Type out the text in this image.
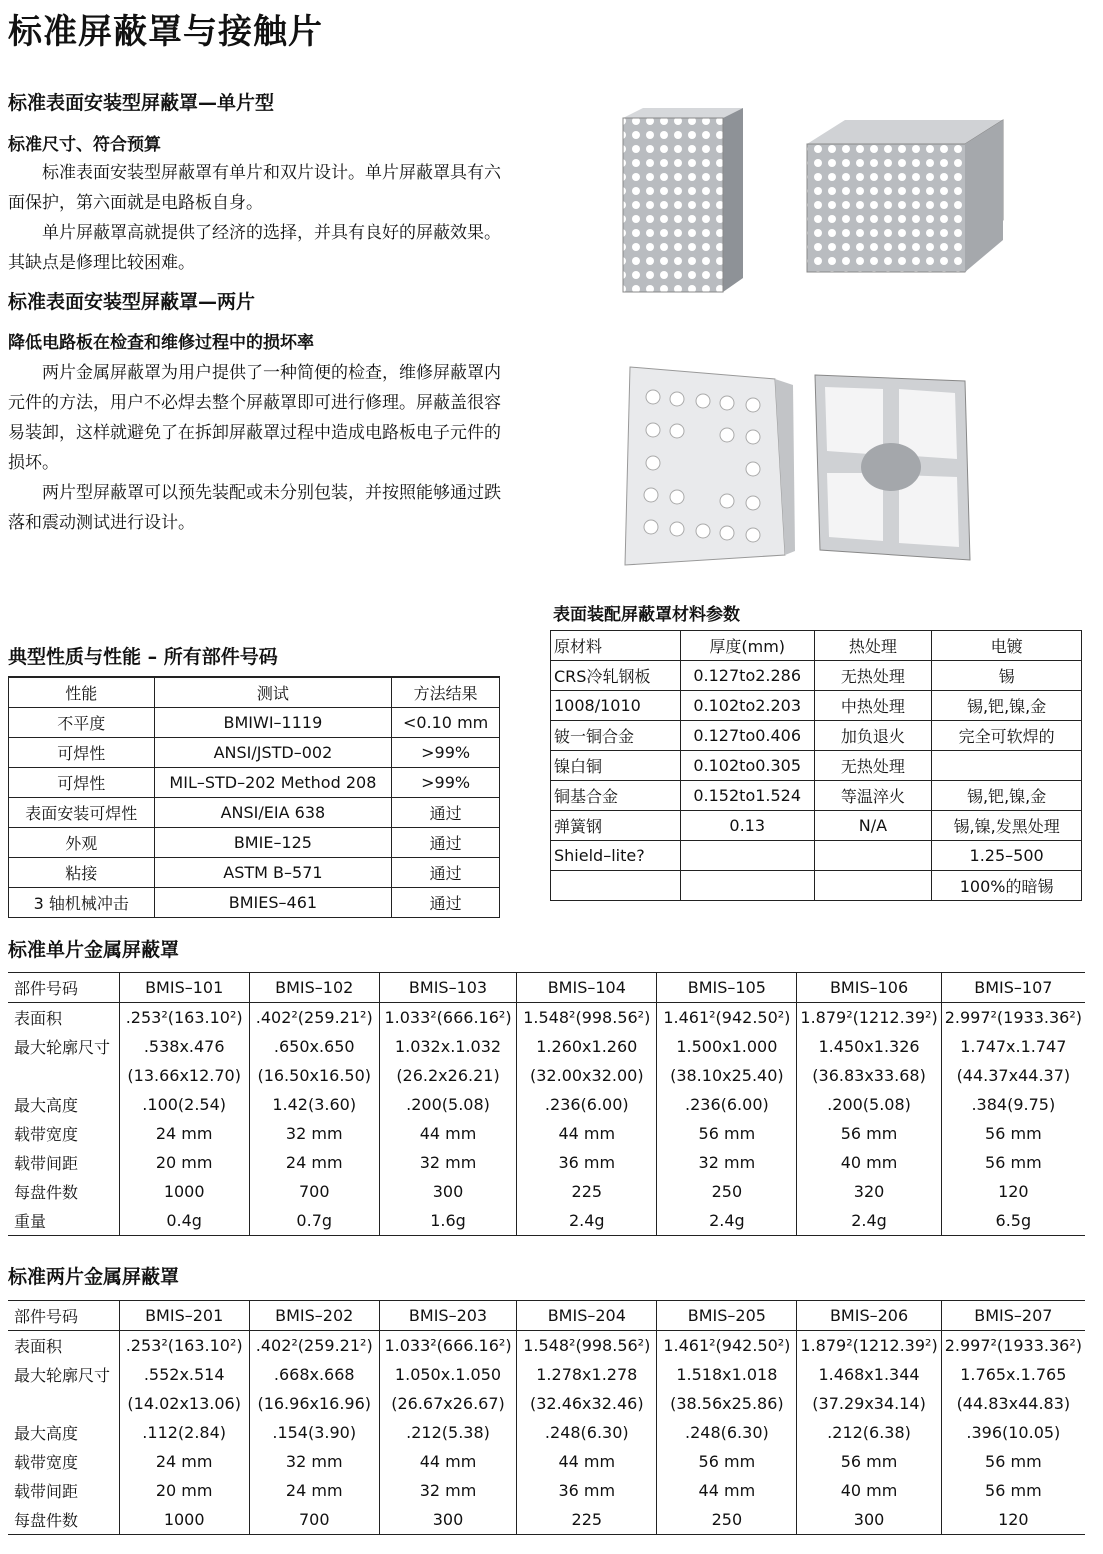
标准屏蔽罩与接触片
标准表面安装型屏蔽罩—单片型
标准尺寸、符合预算

标准表面安装型屏蔽罩有单片和双片设计。单片屏蔽罩具有六面保护，第六面就是电路板自身。

单片屏蔽罩高就提供了经济的选择，并具有良好的屏蔽效果。其缺点是修理比较困难。

标准表面安装型屏蔽罩—两片
降低电路板在检查和维修过程中的损坏率

两片金属屏蔽罩为用户提供了一种简便的检查，维修屏蔽罩内元件的方法，用户不必焊去整个屏蔽罩即可进行修理。屏蔽盖很容易装卸，这样就避免了在拆卸屏蔽罩过程中造成电路板电子元件的损坏。

两片型屏蔽罩可以预先装配或未分别包装，并按照能够通过跌落和震动测试进行设计。

典型性质与性能 – 所有部件号码
性能	测试	方法结果
不平度	BMIWI–1119	<0.10 mm
可焊性	ANSI/JSTD–002	>99%
可焊性	MIL–STD–202 Method 208	>99%
表面安装可焊性	ANSI/EIA 638	通过
外观	BMIE–125	通过
粘接	ASTM B–571	通过
3 轴机械冲击	BMIES–461	通过
表面装配屏蔽罩材料参数
原材料	厚度(mm)	热处理	电镀
CRS冷轧钢板	0.127to2.286	无热处理	锡
1008/1010	0.102to2.203	中热处理	锡,钯,镍,金
铍一铜合金	0.127to0.406	加负退火	完全可软焊的
镍白铜	0.102to0.305	无热处理	
铜基合金	0.152to1.524	等温淬火	锡,钯,镍,金
弹簧钢	0.13	N/A	锡,镍,发黑处理
Shield–lite?			1.25–500
			100%的暗锡
标准单片金属屏蔽罩
部件号码	BMIS–101	BMIS–102	BMIS–103	BMIS–104	BMIS–105	BMIS–106	BMIS–107
表面积	.253²(163.10²)	.402²(259.21²)	1.033²(666.16²)	1.548²(998.56²)	1.461²(942.50²)	1.879²(1212.39²)	2.997²(1933.36²)
最大轮廓尺寸	.538x.476	.650x.650	1.032x.1.032	1.260x1.260	1.500x1.000	1.450x1.326	1.747x.1.747
	(13.66x12.70)	(16.50x16.50)	(26.2x26.21)	(32.00x32.00)	(38.10x25.40)	(36.83x33.68)	(44.37x44.37)
最大高度	.100(2.54)	1.42(3.60)	.200(5.08)	.236(6.00)	.236(6.00)	.200(5.08)	.384(9.75)
载带宽度	24 mm	32 mm	44 mm	44 mm	56 mm	56 mm	56 mm
载带间距	20 mm	24 mm	32 mm	36 mm	32 mm	40 mm	56 mm
每盘件数	1000	700	300	225	250	320	120
重量	0.4g	0.7g	1.6g	2.4g	2.4g	2.4g	6.5g
标准两片金属屏蔽罩
部件号码	BMIS–201	BMIS–202	BMIS–203	BMIS–204	BMIS–205	BMIS–206	BMIS–207
表面积	.253²(163.10²)	.402²(259.21²)	1.033²(666.16²)	1.548²(998.56²)	1.461²(942.50²)	1.879²(1212.39²)	2.997²(1933.36²)
最大轮廓尺寸	.552x.514	.668x.668	1.050x.1.050	1.278x1.278	1.518x1.018	1.468x1.344	1.765x.1.765
	(14.02x13.06)	(16.96x16.96)	(26.67x26.67)	(32.46x32.46)	(38.56x25.86)	(37.29x34.14)	(44.83x44.83)
最大高度	.112(2.84)	.154(3.90)	.212(5.38)	.248(6.30)	.248(6.30)	.212(6.38)	.396(10.05)
载带宽度	24 mm	32 mm	44 mm	44 mm	56 mm	56 mm	56 mm
载带间距	20 mm	24 mm	32 mm	36 mm	44 mm	40 mm	56 mm
每盘件数	1000	700	300	225	250	300	120
